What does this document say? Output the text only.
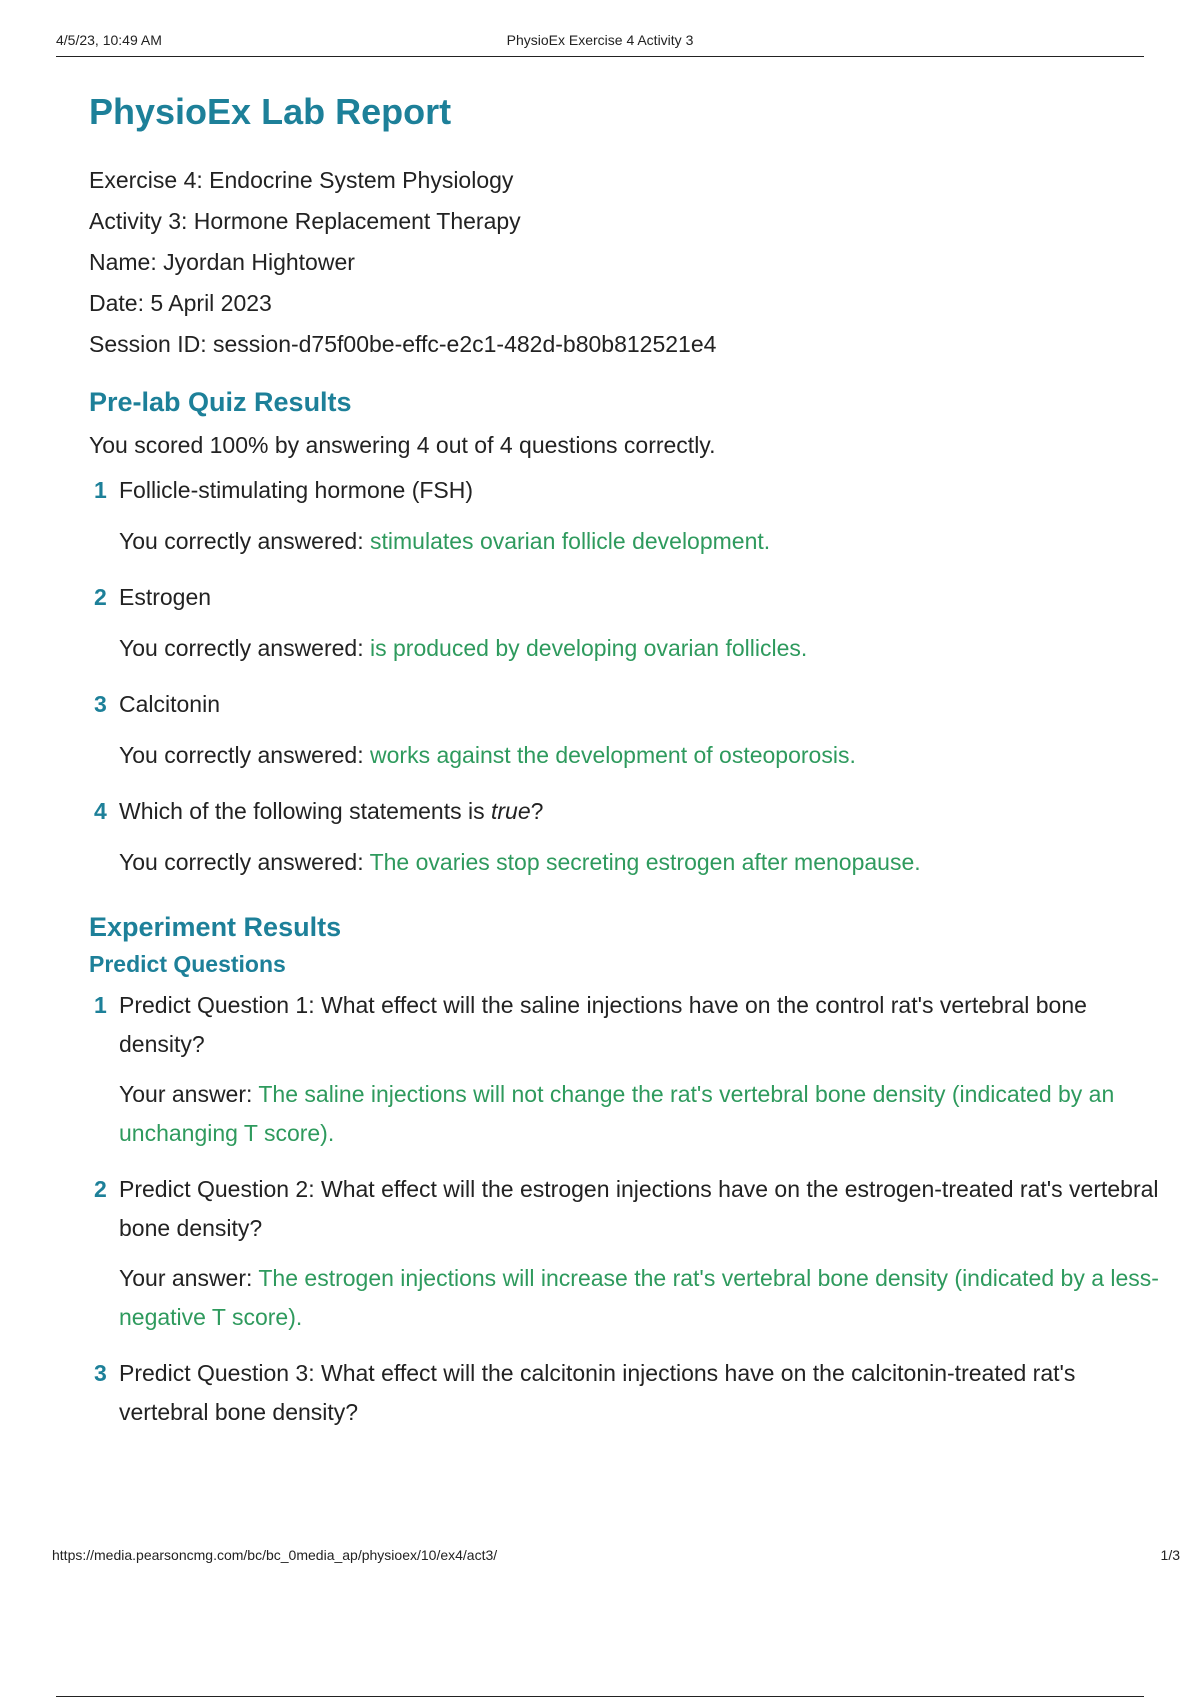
4/5/23, 10:49 AM	PhysioEx Exercise 4 Activity 3
PhysioEx Lab Report
Exercise 4: Endocrine System Physiology
Activity 3: Hormone Replacement Therapy
Name: Jyordan Hightower
Date: 5 April 2023
Session ID: session-d75f00be-effc-e2c1-482d-b80b812521e4
Pre-lab Quiz Results
You scored 100% by answering 4 out of 4 questions correctly.
1 Follicle-stimulating hormone (FSH)
You correctly answered: stimulates ovarian follicle development.
2 Estrogen
You correctly answered: is produced by developing ovarian follicles.
3 Calcitonin
You correctly answered: works against the development of osteoporosis.
4 Which of the following statements is true?
You correctly answered: The ovaries stop secreting estrogen after menopause.
Experiment Results
Predict Questions
1 Predict Question 1: What effect will the saline injections have on the control rat's vertebral bone density?
Your answer: The saline injections will not change the rat's vertebral bone density (indicated by an unchanging T score).
2 Predict Question 2: What effect will the estrogen injections have on the estrogen-treated rat's vertebral bone density?
Your answer: The estrogen injections will increase the rat's vertebral bone density (indicated by a less-negative T score).
3 Predict Question 3: What effect will the calcitonin injections have on the calcitonin-treated rat's vertebral bone density?
https://media.pearsoncmg.com/bc/bc_0media_ap/physioex/10/ex4/act3/	1/3
